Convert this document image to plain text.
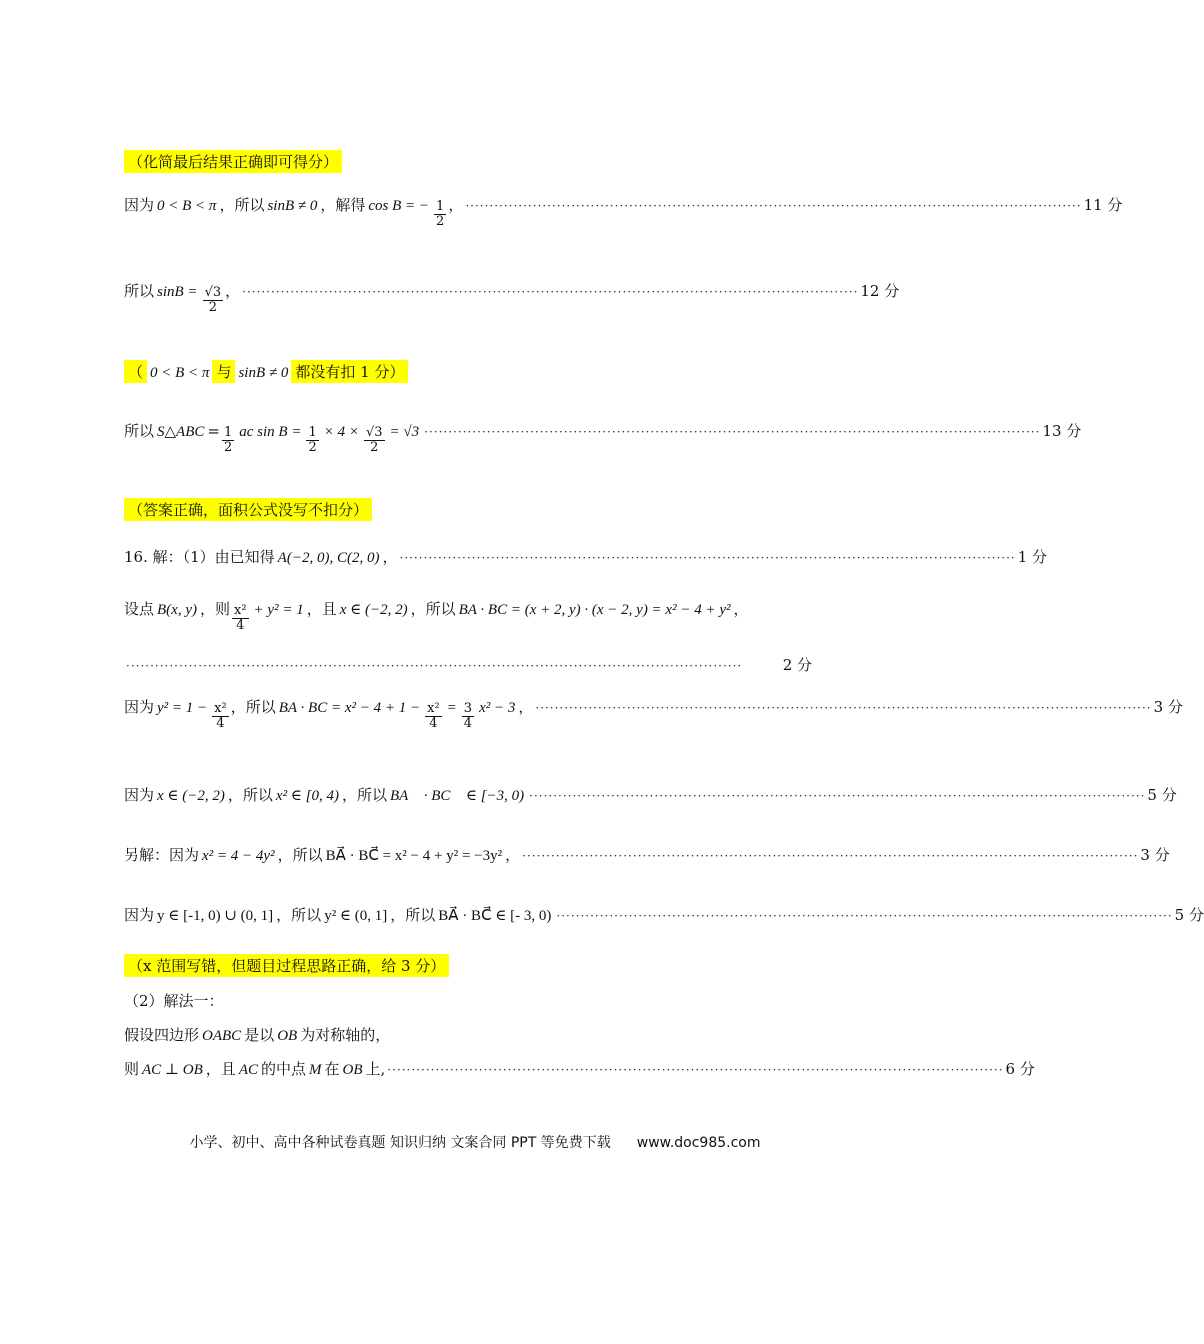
（化简最后结果正确即可得分）
因为 0 < B < π ，所以 sinB ≠ 0 ，解得 cos B = − $\frac{1}{2}$ ， ································································································································ 11 分
所以 $\sin B = \frac{√3}{2}$ ， ································································································································ 12 分
（ 0 < B < π 与 sinB ≠ 0 都没有扣 1 分）
所以 S△ABC = $\frac{1}{2}$ ac $\sin B = \frac{1}{2} \times 4 \times \frac{√3}{2} = √3$ ································································································································ 13 分
（答案正确，面积公式没写不扣分）
16. 解：（1）由已知得 A(−2, 0), C(2, 0) ， ································································································································ 1 分
设点 B(x, y) ，则 $\frac{\text{x²}}{4} + y^2 = 1$ ，且 x ∈ (−2, 2) ，所以 BA · BC = (x + 2, y) · (x − 2, y) = x² − 4 + y² ，
································································································································	2 分
因为 $y^2 = 1 - \frac{\text{x²}}{4}$ ，所以 BA · BC = $x^2 - 4 + 1 - \frac{\text{x²}}{4} = \frac{3}{4} x^2 - 3$ ， ································································································································ 3 分
因为 x ∈ (−2, 2) ，所以 x² ∈ [0, 4) ，所以 BA⃗ · BC⃗ ∈ [−3, 0) ································································································································ 5 分
另解：因为 x² = 4 − 4y² ，所以 BA⃗ · BC⃗ = x² − 4 + y² = −3y² ， ································································································································ 3 分
因为 y ∈ [-1, 0) ∪ (0, 1] ，所以 y² ∈ (0, 1] ，所以 BA⃗ · BC⃗ ∈ [- 3, 0) ································································································································ 5 分
（x 范围写错，但题目过程思路正确，给 3 分）
（2）解法一：
假设四边形 OABC 是以 OB 为对称轴的，
则 AC ⊥ OB ，且 AC 的中点 M 在 OB 上, ································································································································ 6 分
小学、初中、高中各种试卷真题 知识归纳 文案合同 PPT 等免费下载 www.doc985.com
